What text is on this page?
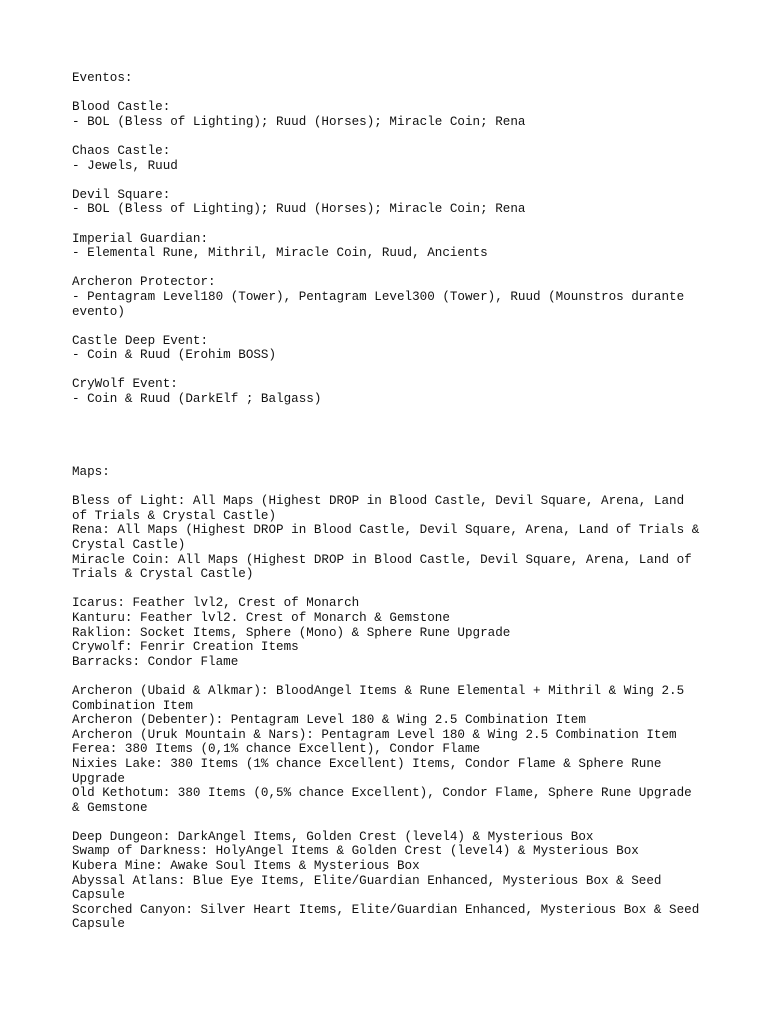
Eventos:
Blood Castle:
- BOL (Bless of Lighting); Ruud (Horses); Miracle Coin; Rena
Chaos Castle:
- Jewels, Ruud
Devil Square:
- BOL (Bless of Lighting); Ruud (Horses); Miracle Coin; Rena
Imperial Guardian:
- Elemental Rune, Mithril, Miracle Coin, Ruud, Ancients
Archeron Protector:
- Pentagram Level180 (Tower), Pentagram Level300 (Tower), Ruud (Mounstros durante evento)
Castle Deep Event:
- Coin & Ruud (Erohim BOSS)
CryWolf Event:
- Coin & Ruud (DarkElf ; Balgass)
Maps:
Bless of Light: All Maps (Highest DROP in Blood Castle, Devil Square, Arena, Land of Trials & Crystal Castle)
Rena: All Maps (Highest DROP in Blood Castle, Devil Square, Arena, Land of Trials & Crystal Castle)
Miracle Coin: All Maps (Highest DROP in Blood Castle, Devil Square, Arena, Land of Trials & Crystal Castle)
Icarus: Feather lvl2, Crest of Monarch
Kanturu: Feather lvl2. Crest of Monarch & Gemstone
Raklion: Socket Items, Sphere (Mono) & Sphere Rune Upgrade
Crywolf: Fenrir Creation Items
Barracks: Condor Flame
Archeron (Ubaid & Alkmar): BloodAngel Items & Rune Elemental + Mithril & Wing 2.5 Combination Item
Archeron (Debenter): Pentagram Level 180 & Wing 2.5 Combination Item
Archeron (Uruk Mountain & Nars): Pentagram Level 180 & Wing 2.5 Combination Item
Ferea: 380 Items (0,1% chance Excellent), Condor Flame
Nixies Lake: 380 Items (1% chance Excellent) Items, Condor Flame & Sphere Rune Upgrade
Old Kethotum: 380 Items (0,5% chance Excellent), Condor Flame, Sphere Rune Upgrade & Gemstone
Deep Dungeon: DarkAngel Items, Golden Crest (level4) & Mysterious Box
Swamp of Darkness: HolyAngel Items & Golden Crest (level4) & Mysterious Box
Kubera Mine: Awake Soul Items & Mysterious Box
Abyssal Atlans: Blue Eye Items, Elite/Guardian Enhanced, Mysterious Box & Seed Capsule
Scorched Canyon: Silver Heart Items, Elite/Guardian Enhanced, Mysterious Box & Seed Capsule
